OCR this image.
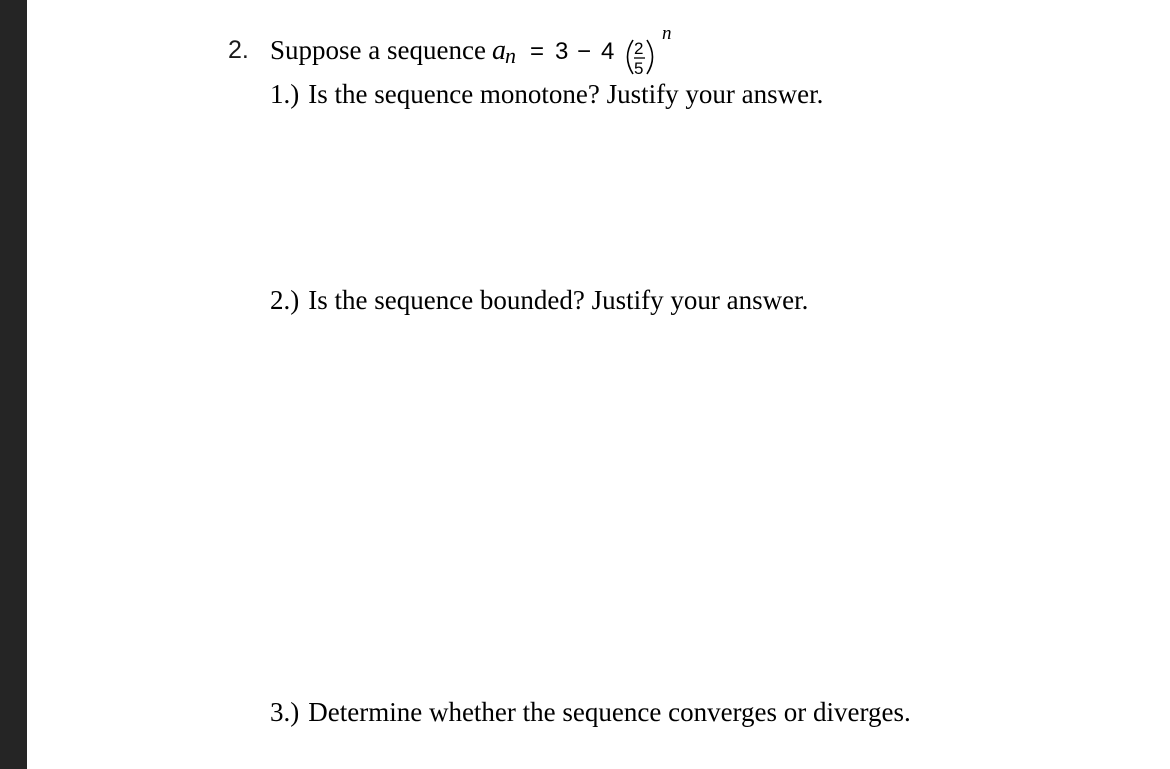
2. Suppose a sequence a n = 3 − 4 2
5
n
1.) Is the sequence monotone? Justify your answer.
2.) Is the sequence bounded? Justify your answer.
3.) Determine whether the sequence converges or diverges.
